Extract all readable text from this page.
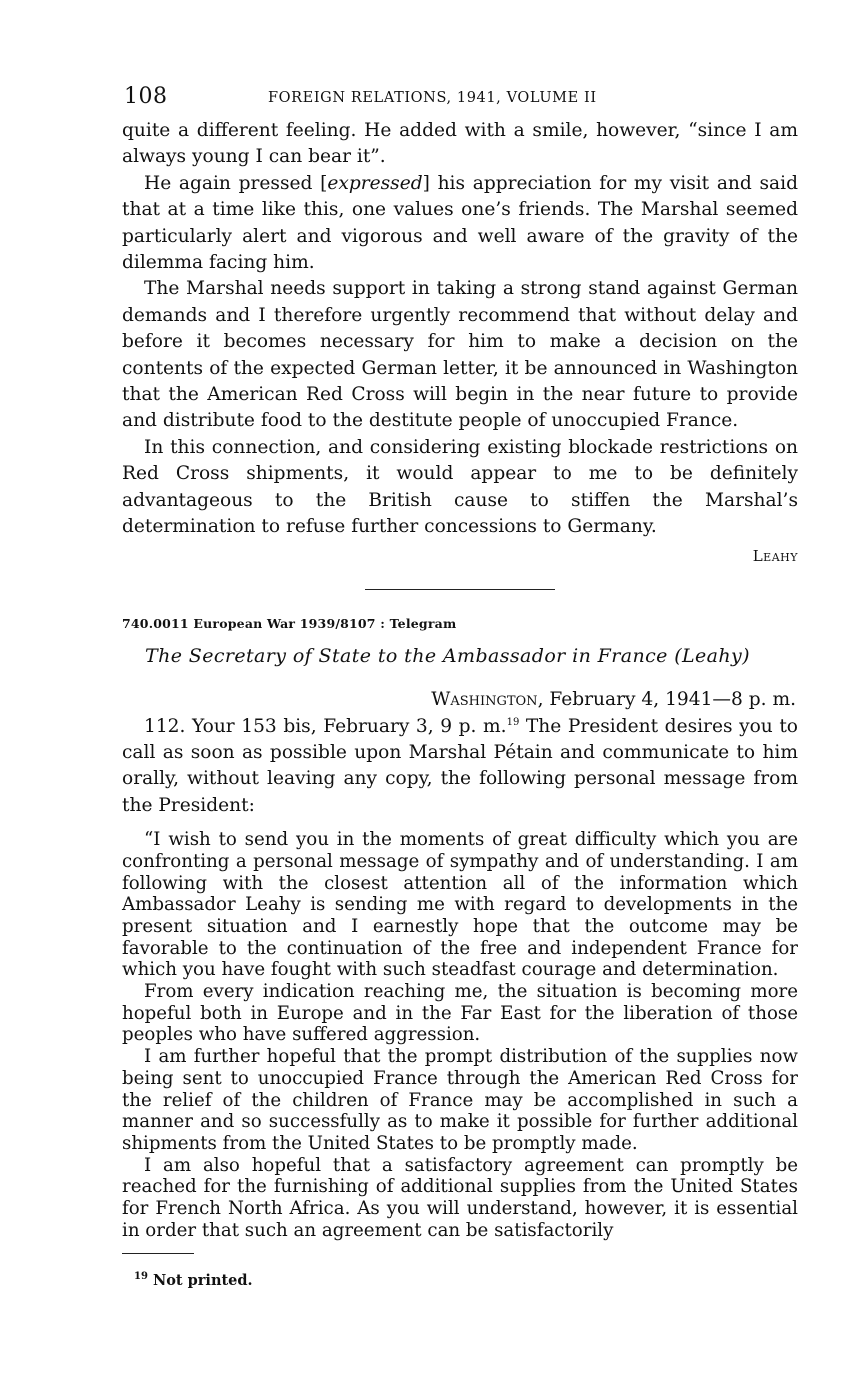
108	FOREIGN RELATIONS, 1941, VOLUME II

quite a different feeling. He added with a smile, however, “since I am always young I can bear it”.

He again pressed [expressed] his appreciation for my visit and said that at a time like this, one values one’s friends. The Marshal seemed particularly alert and vigorous and well aware of the gravity of the dilemma facing him.

The Marshal needs support in taking a strong stand against German demands and I therefore urgently recommend that without delay and before it becomes necessary for him to make a decision on the contents of the expected German letter, it be announced in Washington that the American Red Cross will begin in the near future to provide and distribute food to the destitute people of unoccupied France.

In this connection, and considering existing blockade restrictions on Red Cross shipments, it would appear to me to be definitely advantageous to the British cause to stiffen the Marshal’s determination to refuse further concessions to Germany.

Leahy
740.0011 European War 1939/8107 : Telegram
The Secretary of State to the Ambassador in France (Leahy)
Washington, February 4, 1941—8 p. m.

112. Your 153 bis, February 3, 9 p. m.$^{19}$ The President desires you to call as soon as possible upon Marshal Pétain and communicate to him orally, without leaving any copy, the following personal message from the President:

“I wish to send you in the moments of great difficulty which you are confronting a personal message of sympathy and of understanding. I am following with the closest attention all of the information which Ambassador Leahy is sending me with regard to developments in the present situation and I earnestly hope that the outcome may be favorable to the continuation of the free and independent France for which you have fought with such steadfast courage and determination.

From every indication reaching me, the situation is becoming more hopeful both in Europe and in the Far East for the liberation of those peoples who have suffered aggression.

I am further hopeful that the prompt distribution of the supplies now being sent to unoccupied France through the American Red Cross for the relief of the children of France may be accomplished in such a manner and so successfully as to make it possible for further additional shipments from the United States to be promptly made.

I am also hopeful that a satisfactory agreement can promptly be reached for the furnishing of additional supplies from the United States for French North Africa. As you will understand, however, it is essential in order that such an agreement can be satisfactorily

$^{19}$ Not printed.
